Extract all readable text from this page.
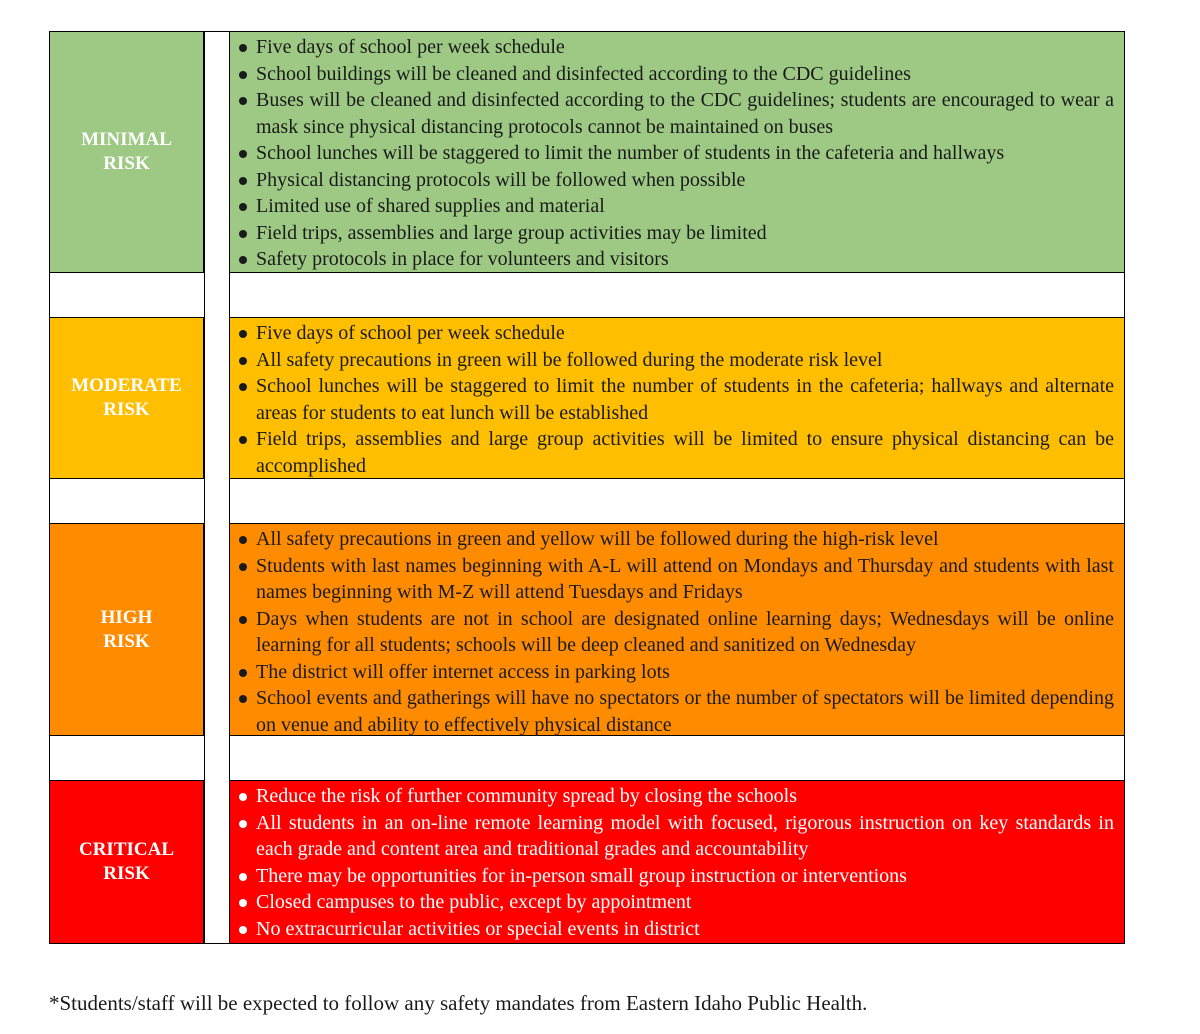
MINIMAL
RISK
Five days of school per week schedule
School buildings will be cleaned and disinfected according to the CDC guidelines
Buses will be cleaned and disinfected according to the CDC guidelines; students are encouraged to wear a mask since physical distancing protocols cannot be maintained on buses
School lunches will be staggered to limit the number of students in the cafeteria and hallways
Physical distancing protocols will be followed when possible
Limited use of shared supplies and material
Field trips, assemblies and large group activities may be limited
Safety protocols in place for volunteers and visitors
MODERATE
RISK
Five days of school per week schedule
All safety precautions in green will be followed during the moderate risk level
School lunches will be staggered to limit the number of students in the cafeteria; hallways and alternate areas for students to eat lunch will be established
Field trips, assemblies and large group activities will be limited to ensure physical distancing can be accomplished
HIGH
RISK
All safety precautions in green and yellow will be followed during the high-risk level
Students with last names beginning with A-L will attend on Mondays and Thursday and students with last names beginning with M-Z will attend Tuesdays and Fridays
Days when students are not in school are designated online learning days; Wednesdays will be online learning for all students; schools will be deep cleaned and sanitized on Wednesday
The district will offer internet access in parking lots
School events and gatherings will have no spectators or the number of spectators will be limited depending on venue and ability to effectively physical distance
CRITICAL
RISK
Reduce the risk of further community spread by closing the schools
All students in an on-line remote learning model with focused, rigorous instruction on key standards in each grade and content area and traditional grades and accountability
There may be opportunities for in-person small group instruction or interventions
Closed campuses to the public, except by appointment
No extracurricular activities or special events in district
*Students/staff will be expected to follow any safety mandates from Eastern Idaho Public Health.
